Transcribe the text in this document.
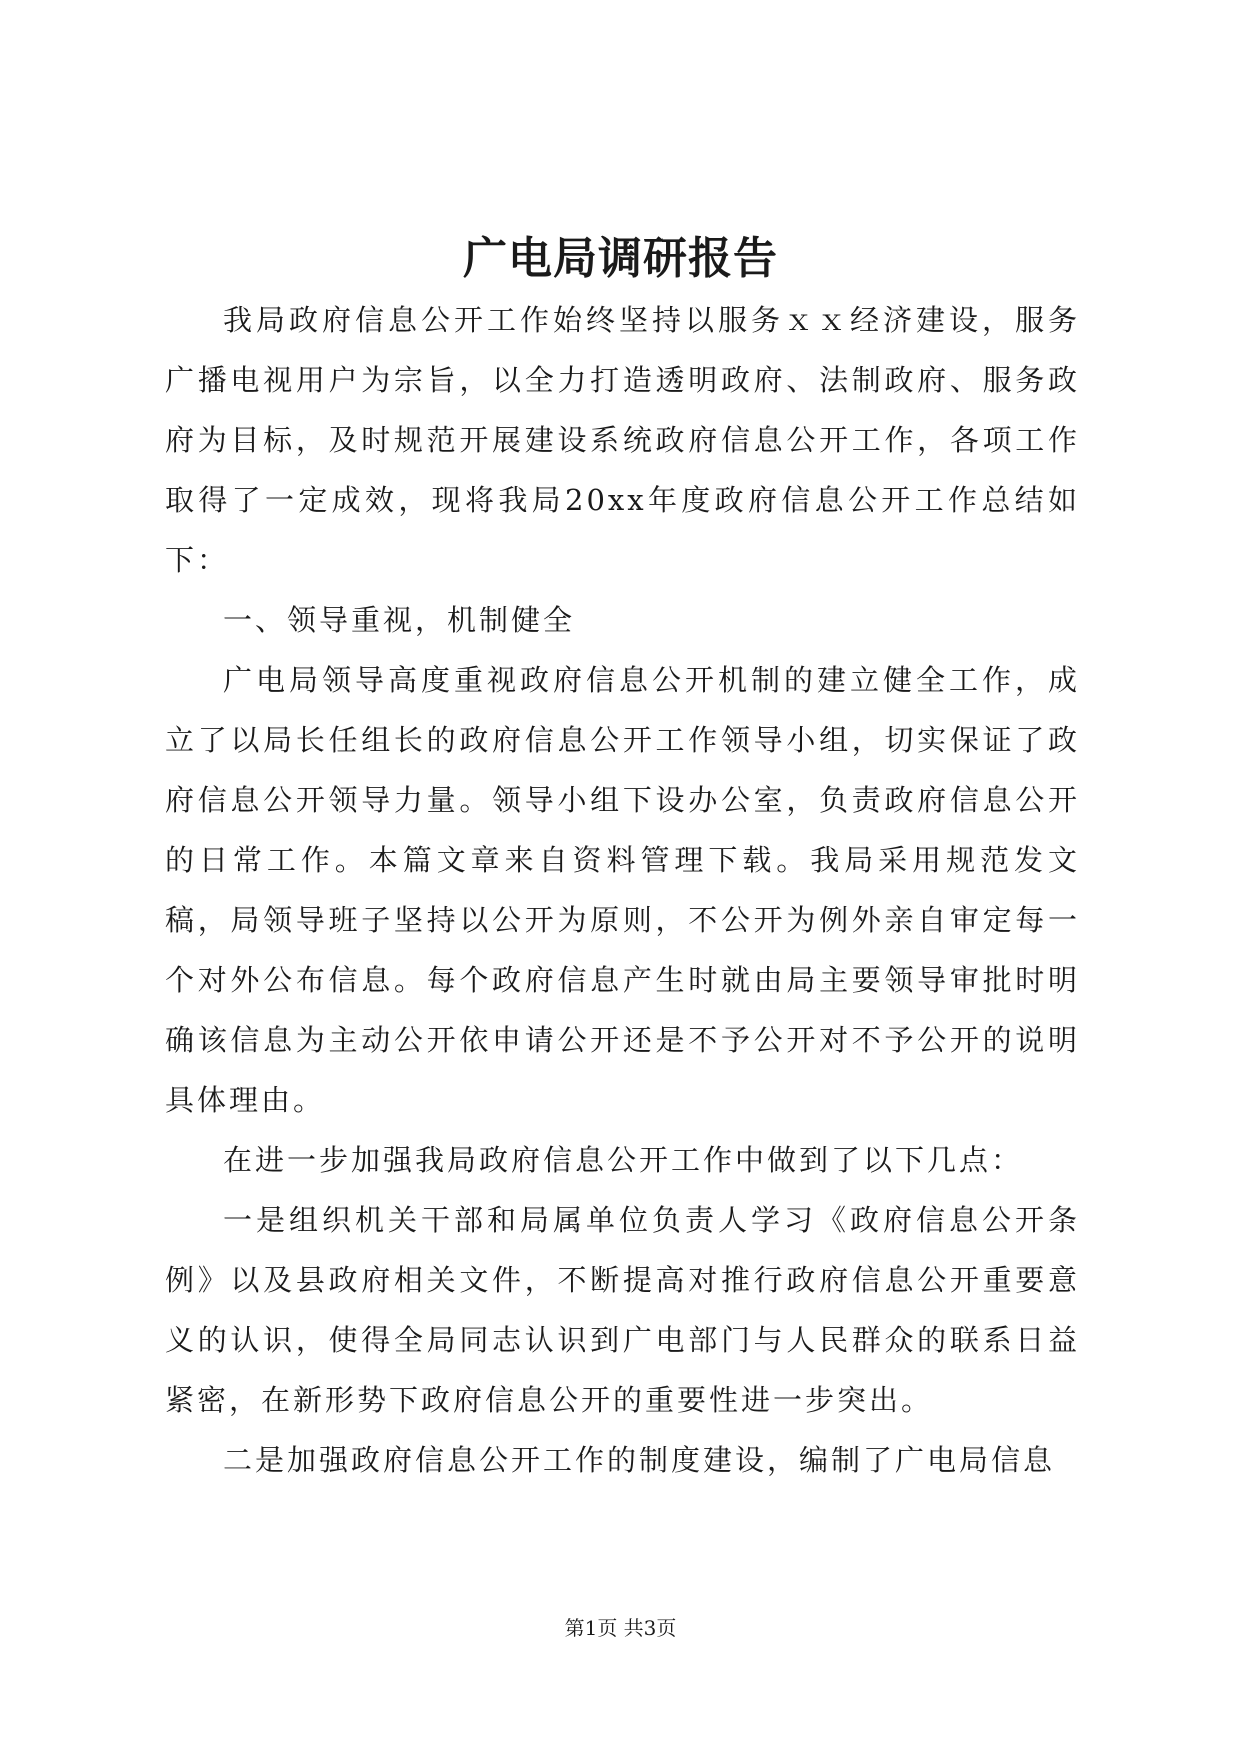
广电局调研报告

我局政府信息公开工作始终坚持以服务ｘｘ经济建设，服务广播电视用户为宗旨，以全力打造透明政府、法制政府、服务政府为目标，及时规范开展建设系统政府信息公开工作，各项工作取得了一定成效，现将我局20xx年度政府信息公开工作总结如下：

一、领导重视，机制健全

广电局领导高度重视政府信息公开机制的建立健全工作，成立了以局长任组长的政府信息公开工作领导小组，切实保证了政府信息公开领导力量。领导小组下设办公室，负责政府信息公开的日常工作。本篇文章来自资料管理下载。我局采用规范发文稿，局领导班子坚持以公开为原则，不公开为例外亲自审定每一个对外公布信息。每个政府信息产生时就由局主要领导审批时明确该信息为主动公开依申请公开还是不予公开对不予公开的说明具体理由。

在进一步加强我局政府信息公开工作中做到了以下几点：

一是组织机关干部和局属单位负责人学习《政府信息公开条例》以及县政府相关文件，不断提高对推行政府信息公开重要意义的认识，使得全局同志认识到广电部门与人民群众的联系日益紧密，在新形势下政府信息公开的重要性进一步突出。

二是加强政府信息公开工作的制度建设，编制了广电局信息

第1页 共3页
